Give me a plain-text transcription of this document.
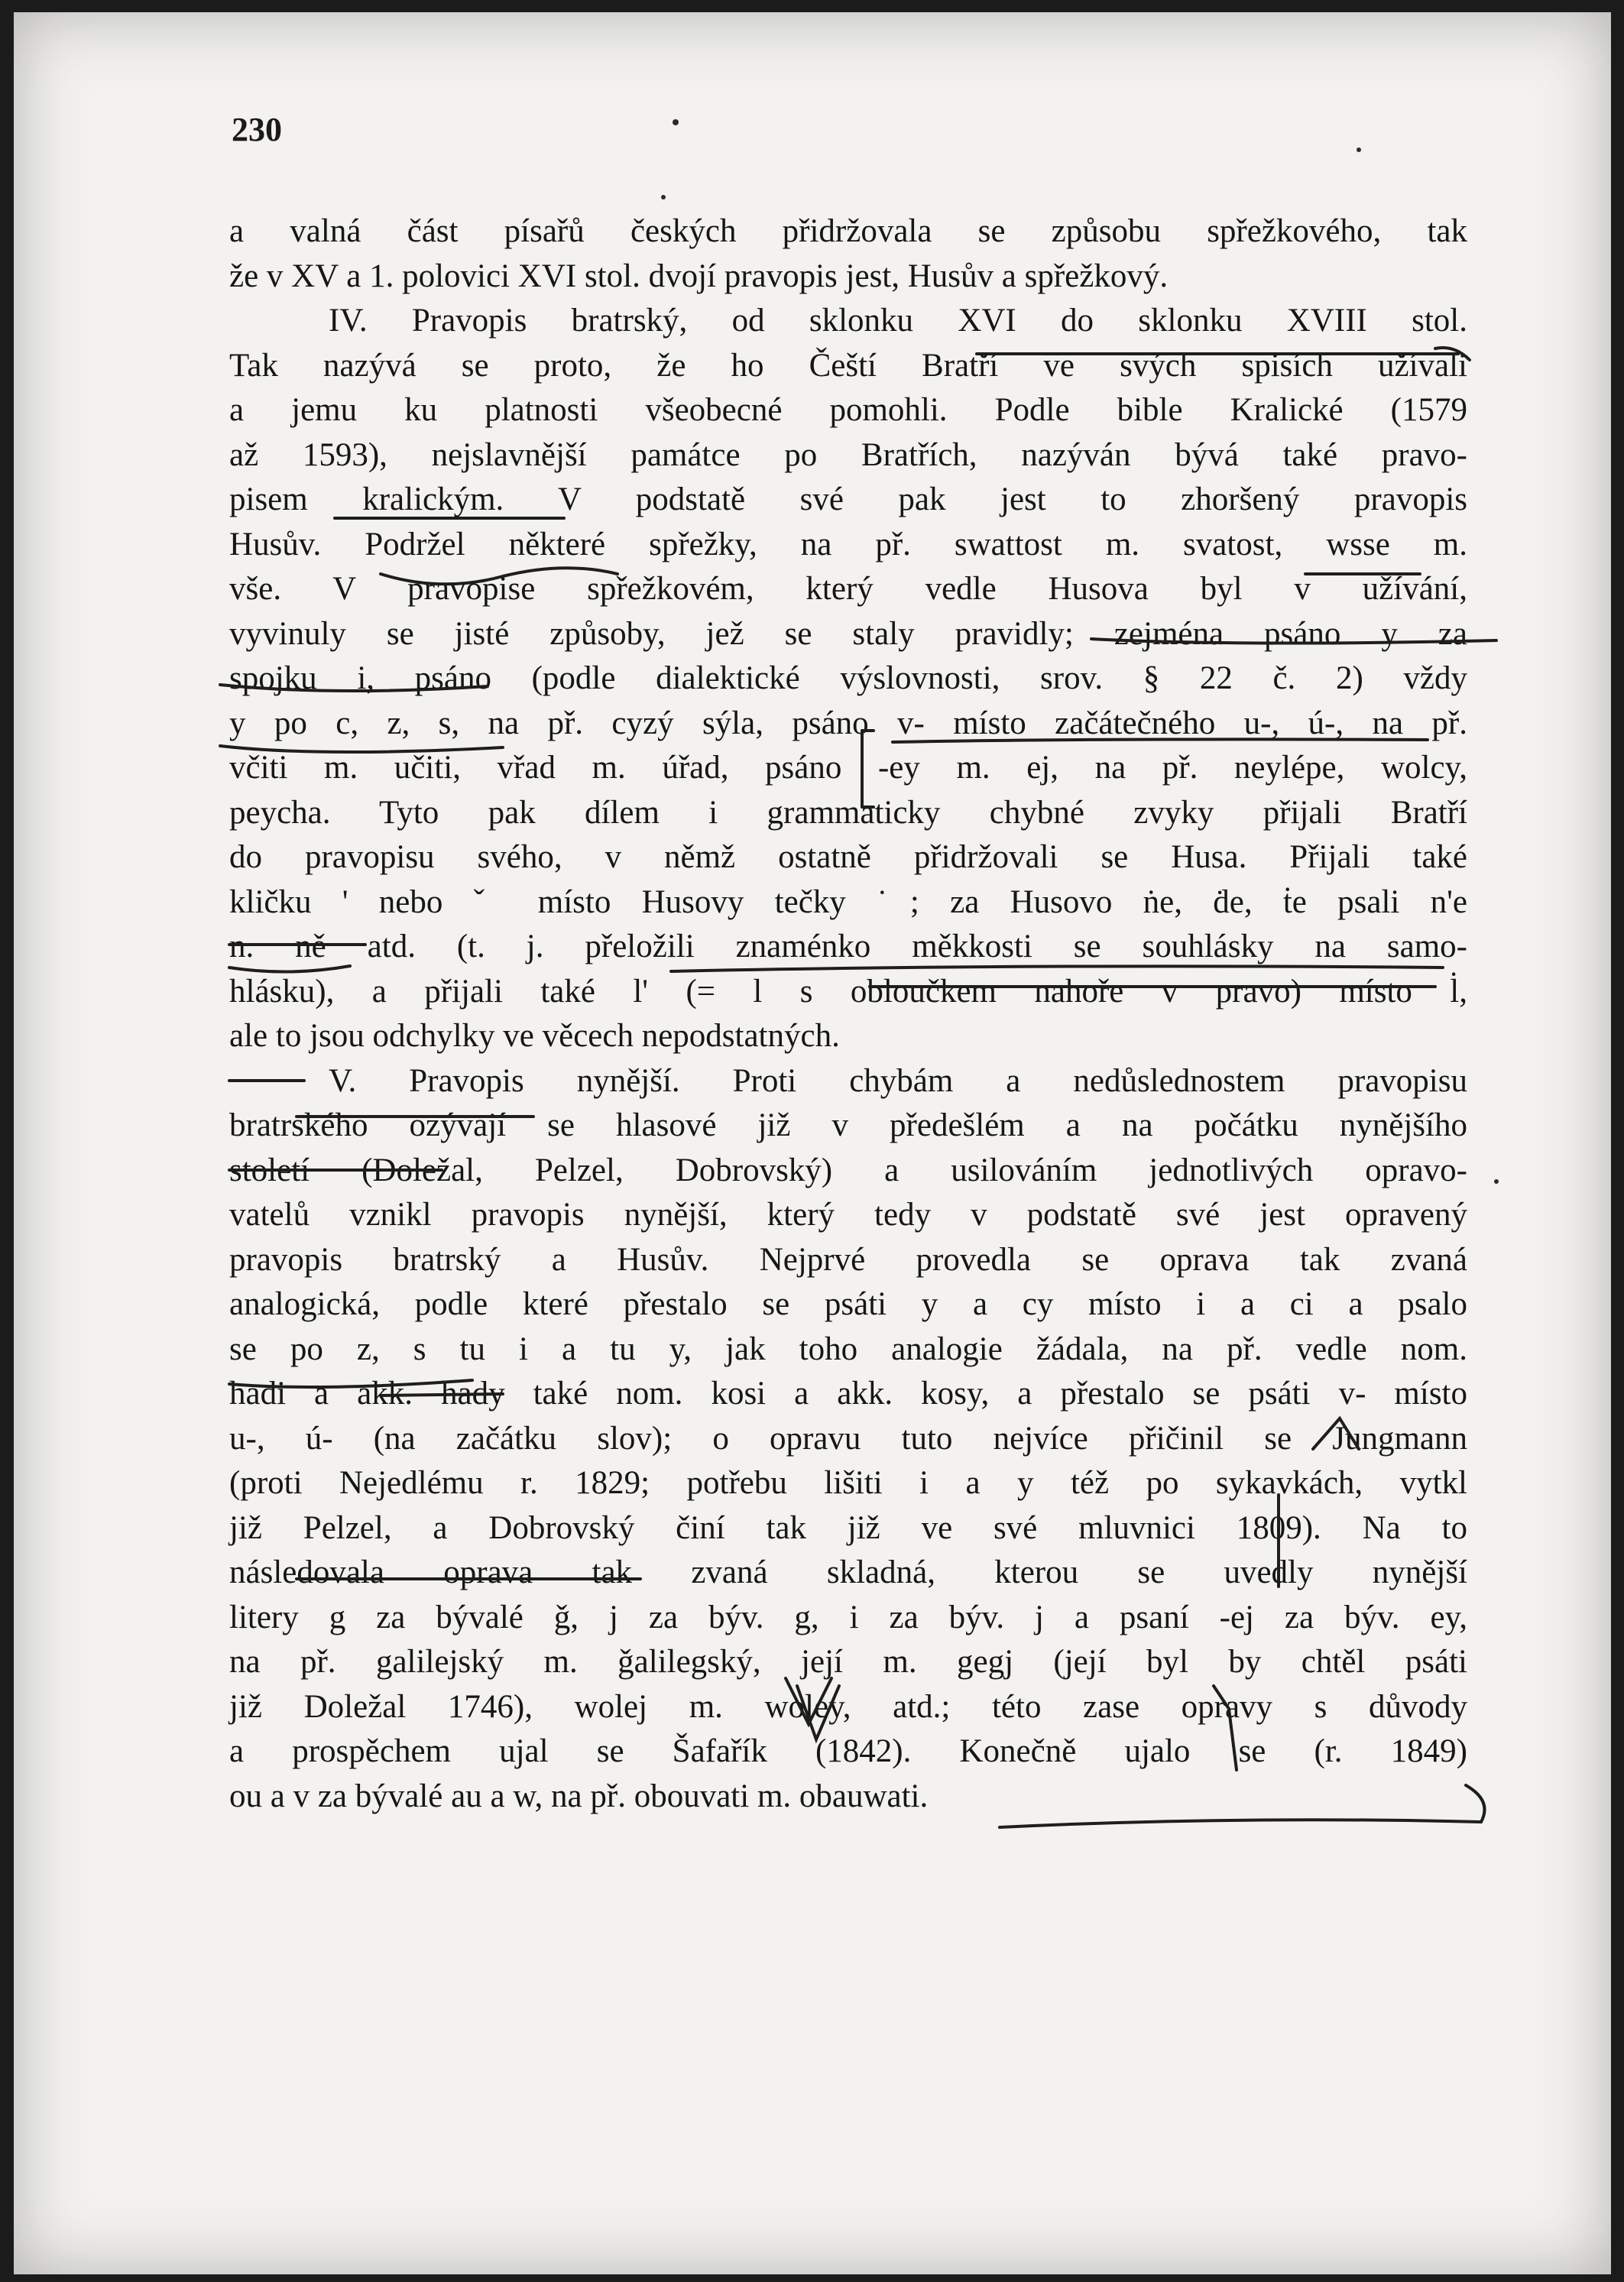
230
a valná část písařů českých přidržovala se způsobu spřežkového, tak
že v XV a 1. polovici XVI stol. dvojí pravopis jest, Husův a spřežkový.
IV. Pravopis bratrský, od sklonku XVI do sklonku XVIII stol.
Tak nazývá se proto, že ho Čeští Bratří ve svých spisích užívali
a jemu ku platnosti všeobecné pomohli. Podle bible Kralické (1579
až 1593), nejslavnější památce po Bratřích, nazýván bývá také pravo-
pisem kralickým. V podstatě své pak jest to zhoršený pravopis
Husův. Podržel některé spřežky, na př. swattost m. svatost, wsse m.
vše. V pravopise spřežkovém, který vedle Husova byl v užívání,
vyvinuly se jisté způsoby, jež se staly pravidly; zejména psáno y za
spojku i, psáno (podle dialektické výslovnosti, srov. § 22 č. 2) vždy
y po c, z, s, na př. cyzý sýla, psáno v- místo začátečného u-, ú-, na př.
včiti m. učiti, vřad m. úřad, psáno -ey m. ej, na př. neylépe, wolcy,
peycha. Tyto pak dílem i grammaticky chybné zvyky přijali Bratří
do pravopisu svého, v němž ostatně přidržovali se Husa. Přijali také
kličku ' nebo ˇ místo Husovy tečky ˙; za Husovo ṅe, ḋe, ṫe psali n'e
n. ně atd. (t. j. přeložili znaménko měkkosti se souhlásky na samo-
hlásku), a přijali také l' (= l s obloučkem nahoře v pravo) místo l̇,
ale to jsou odchylky ve věcech nepodstatných.
V. Pravopis nynější. Proti chybám a nedůslednostem pravopisu
bratrského ozývají se hlasové již v předešlém a na počátku nynějšího
století (Doležal, Pelzel, Dobrovský) a usilováním jednotlivých opravo-
vatelů vznikl pravopis nynější, který tedy v podstatě své jest opravený
pravopis bratrský a Husův. Nejprvé provedla se oprava tak zvaná
analogická, podle které přestalo se psáti y a cy místo i a ci a psalo
se po z, s tu i a tu y, jak toho analogie žádala, na př. vedle nom.
hadi a akk. hady také nom. kosi a akk. kosy, a přestalo se psáti v- místo
u-, ú- (na začátku slov); o opravu tuto nejvíce přičinil se Jungmann
(proti Nejedlému r. 1829; potřebu lišiti i a y též po sykavkách, vytkl
již Pelzel, a Dobrovský činí tak již ve své mluvnici 1809). Na to
následovala oprava tak zvaná skladná, kterou se uvedly nynější
litery g za bývalé ǧ, j za býv. g, i za býv. j a psaní -ej za býv. ey,
na př. galilejský m. ǧalilegský, její m. gegj (její byl by chtěl psáti
již Doležal 1746), wolej m. woley, atd.; této zase opravy s důvody
a prospěchem ujal se Šafařík (1842). Konečně ujalo se (r. 1849)
ou a v za bývalé au a w, na př. obouvati m. obauwati.
